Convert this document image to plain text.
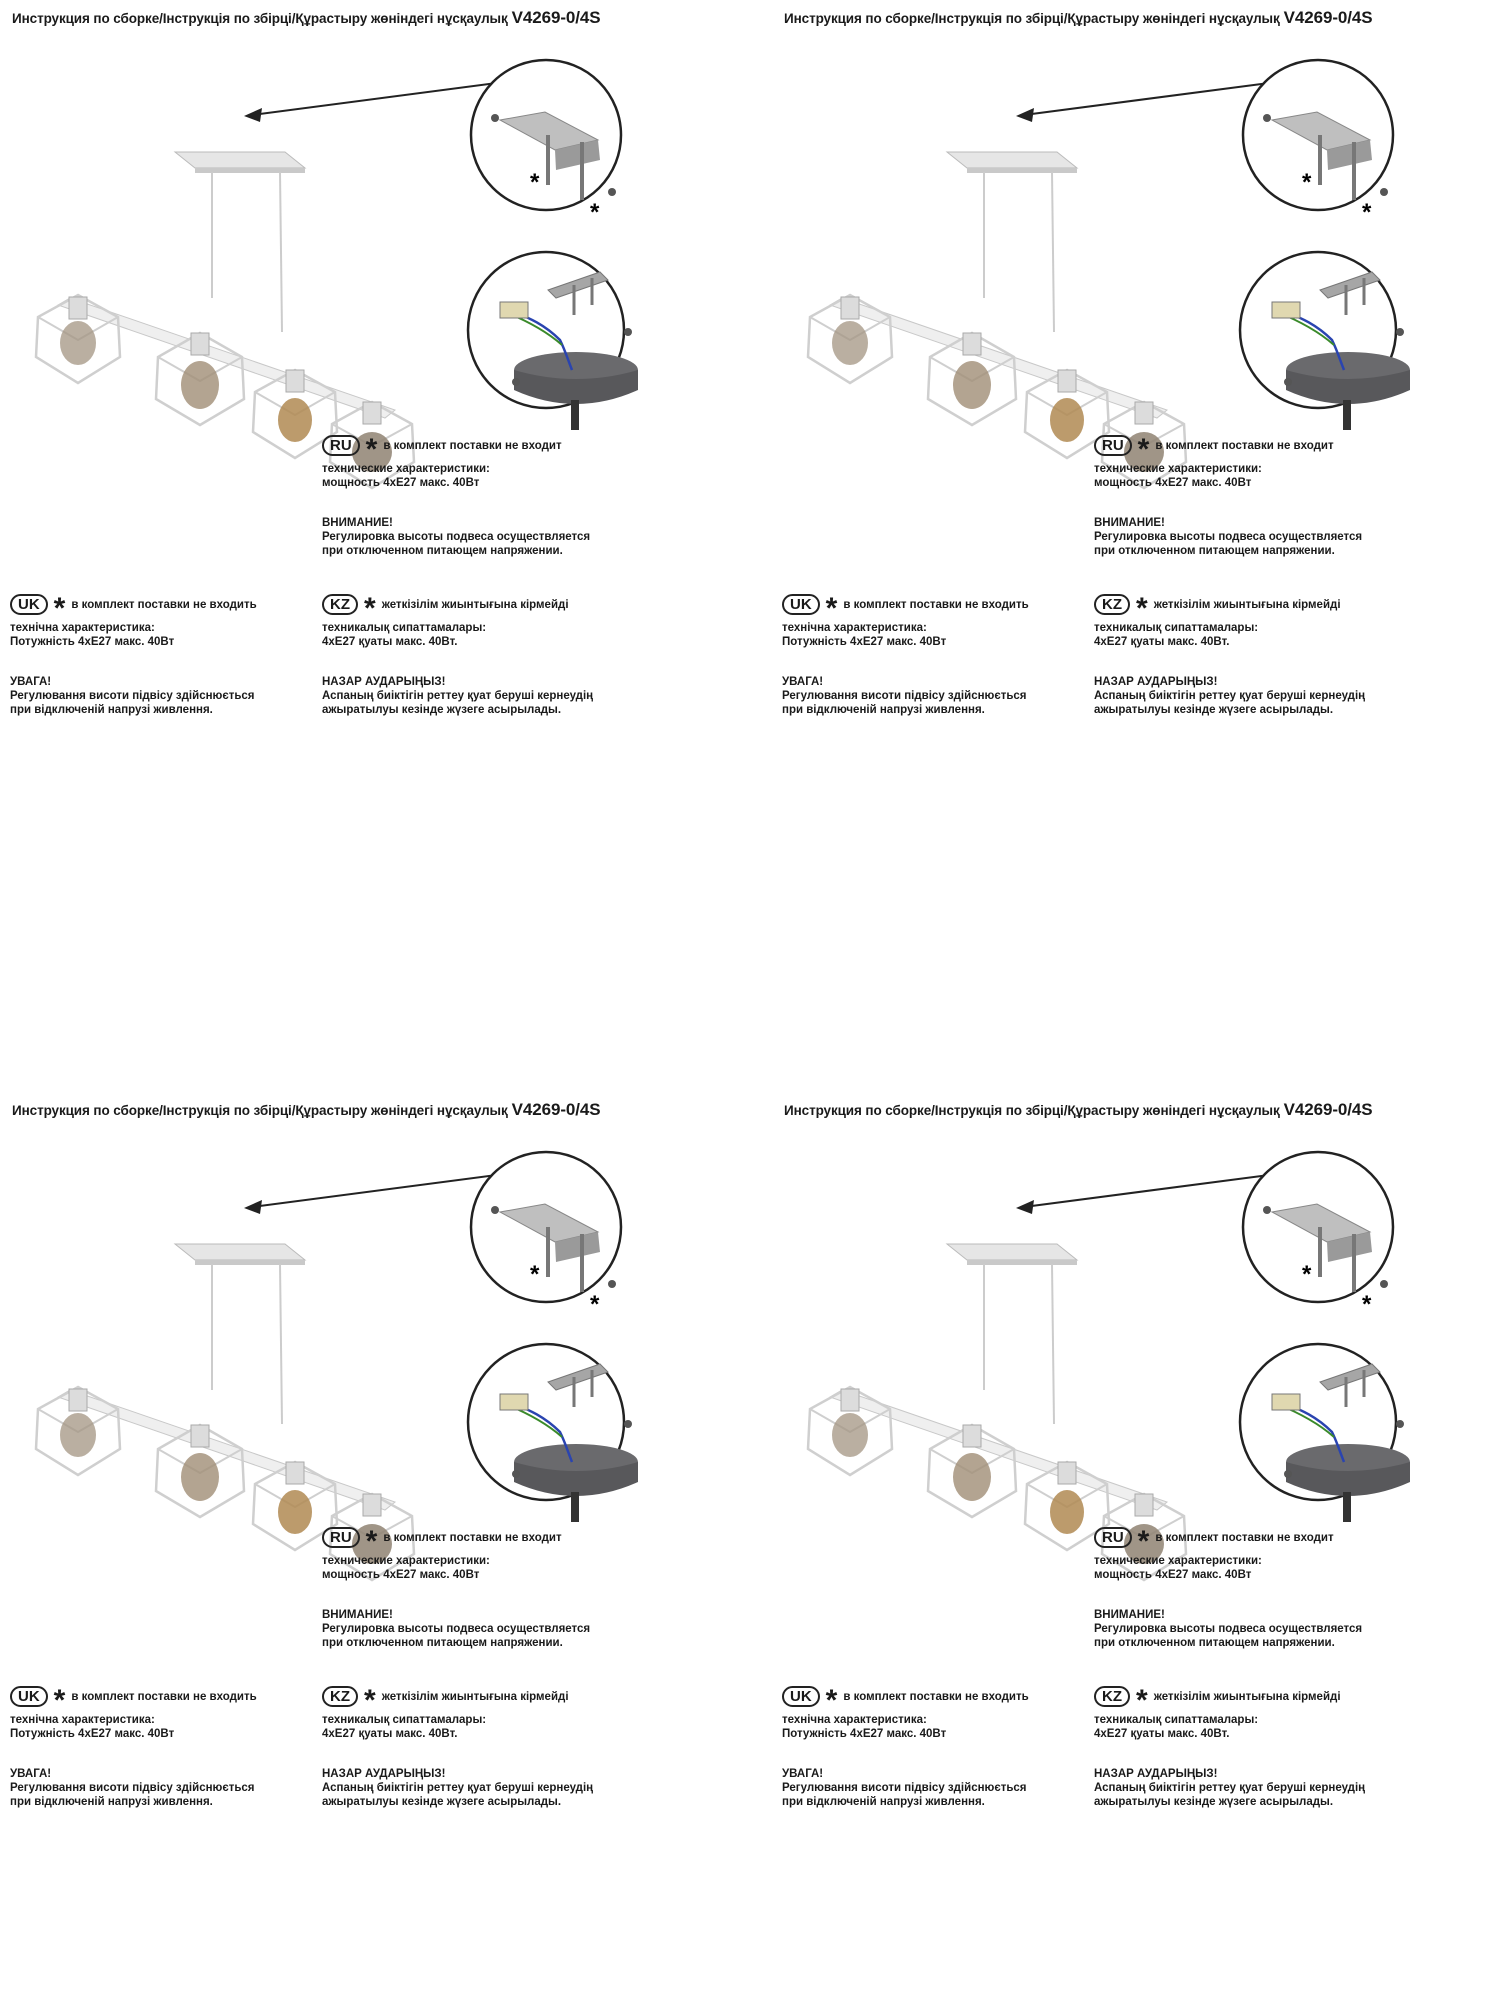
Инструкция по сборке/Інструкція по збірці/Құрастыру жөніндегі нұсқаулық V4269-0/4S
*
*
RU * в комплект поставки не входит
технические характеристики:
мощность 4хЕ27 макс. 40Вт
ВНИМАНИЕ!
Регулировка высоты подвеса осуществляется
при отключенном питающем напряжении.
UK * в комплект поставки не входить
технічна характеристика:
Потужність 4хЕ27 макс. 40Вт
УВАГА!
Регулювання висоти підвісу здійснюється
при відключеній напрузі живлення.
KZ * жеткізілім жиынтығына кірмейді
техникалық сипаттамалары:
4хЕ27 қуаты макс. 40Вт.
НАЗАР АУДАРЫҢЫЗ!
Аспаның биіктігін реттеу қуат беруші кернеудің
ажыратылуы кезінде жүзеге асырылады.
Инструкция по сборке/Інструкція по збірці/Құрастыру жөніндегі нұсқаулық V4269-0/4S
*
*
RU * в комплект поставки не входит
технические характеристики:
мощность 4хЕ27 макс. 40Вт
ВНИМАНИЕ!
Регулировка высоты подвеса осуществляется
при отключенном питающем напряжении.
UK * в комплект поставки не входить
технічна характеристика:
Потужність 4хЕ27 макс. 40Вт
УВАГА!
Регулювання висоти підвісу здійснюється
при відключеній напрузі живлення.
KZ * жеткізілім жиынтығына кірмейді
техникалық сипаттамалары:
4хЕ27 қуаты макс. 40Вт.
НАЗАР АУДАРЫҢЫЗ!
Аспаның биіктігін реттеу қуат беруші кернеудің
ажыратылуы кезінде жүзеге асырылады.
Инструкция по сборке/Інструкція по збірці/Құрастыру жөніндегі нұсқаулық V4269-0/4S
*
*
RU * в комплект поставки не входит
технические характеристики:
мощность 4хЕ27 макс. 40Вт
ВНИМАНИЕ!
Регулировка высоты подвеса осуществляется
при отключенном питающем напряжении.
UK * в комплект поставки не входить
технічна характеристика:
Потужність 4хЕ27 макс. 40Вт
УВАГА!
Регулювання висоти підвісу здійснюється
при відключеній напрузі живлення.
KZ * жеткізілім жиынтығына кірмейді
техникалық сипаттамалары:
4хЕ27 қуаты макс. 40Вт.
НАЗАР АУДАРЫҢЫЗ!
Аспаның биіктігін реттеу қуат беруші кернеудің
ажыратылуы кезінде жүзеге асырылады.
Инструкция по сборке/Інструкція по збірці/Құрастыру жөніндегі нұсқаулық V4269-0/4S
*
*
RU * в комплект поставки не входит
технические характеристики:
мощность 4хЕ27 макс. 40Вт
ВНИМАНИЕ!
Регулировка высоты подвеса осуществляется
при отключенном питающем напряжении.
UK * в комплект поставки не входить
технічна характеристика:
Потужність 4хЕ27 макс. 40Вт
УВАГА!
Регулювання висоти підвісу здійснюється
при відключеній напрузі живлення.
KZ * жеткізілім жиынтығына кірмейді
техникалық сипаттамалары:
4хЕ27 қуаты макс. 40Вт.
НАЗАР АУДАРЫҢЫЗ!
Аспаның биіктігін реттеу қуат беруші кернеудің
ажыратылуы кезінде жүзеге асырылады.
